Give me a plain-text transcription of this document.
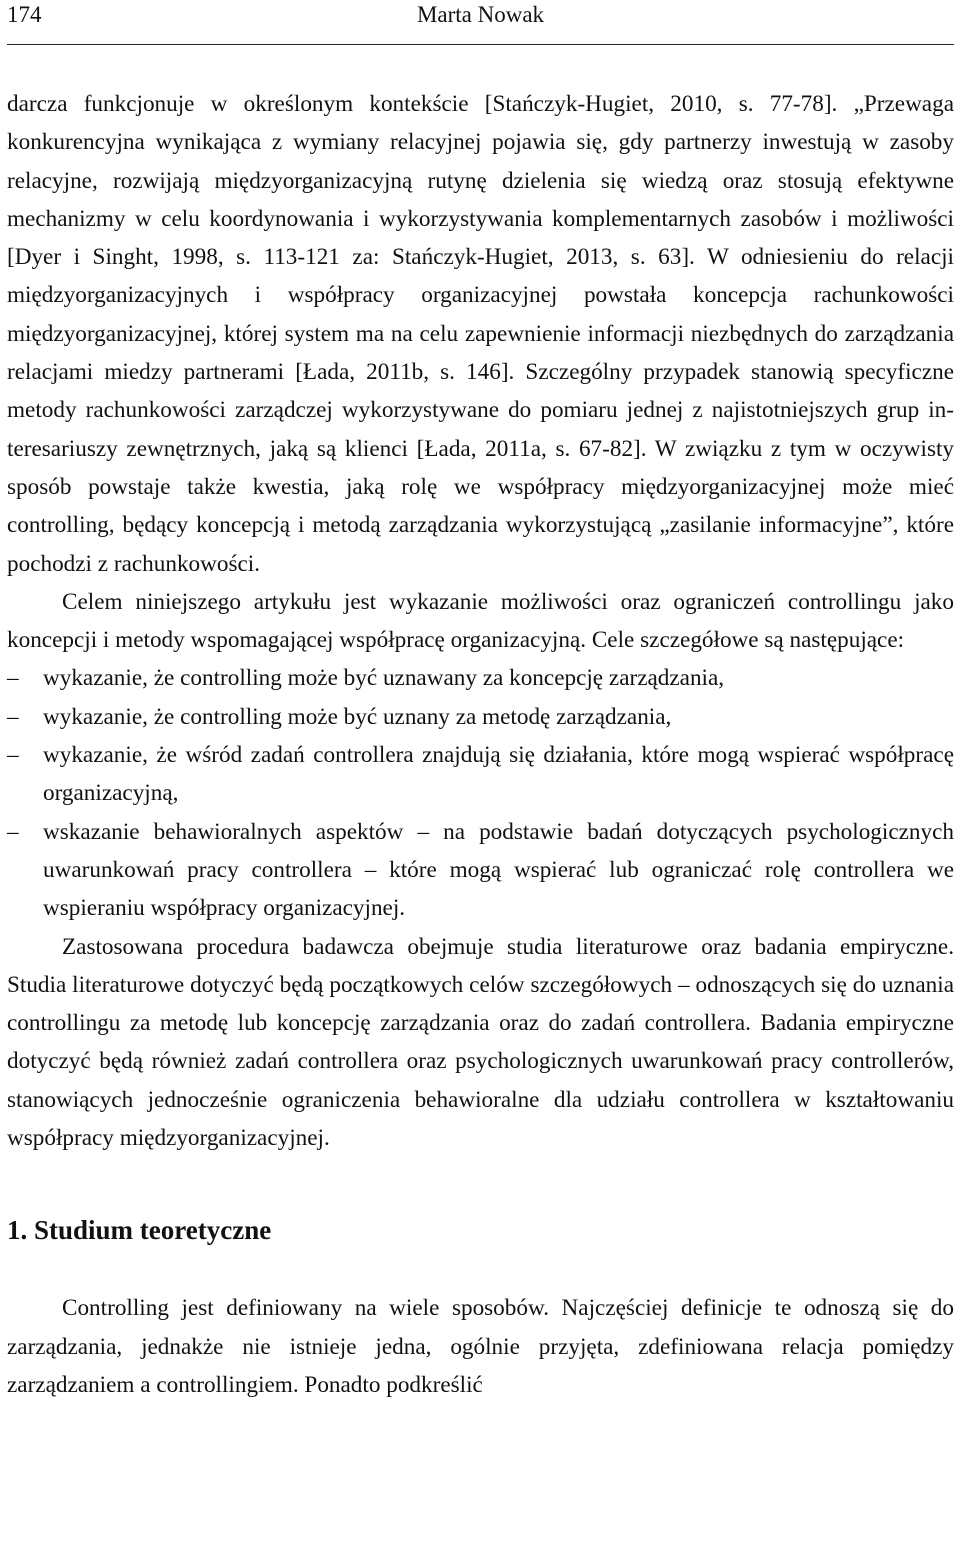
174	Marta Nowak

darcza funkcjonuje w określonym kontekście [Stańczyk-Hugiet, 2010, s. 77-78]. „Przewaga konkurencyjna wynikająca z wymiany relacyjnej pojawia się, gdy partnerzy inwestują w zasoby relacyjne, rozwijają międzyorganizacyjną rutynę dzielenia się wiedzą oraz stosują efektywne mechanizmy w celu koordynowania i wykorzystywania komplementarnych zasobów i możliwości [Dyer i Singht, 1998, s. 113-121 za: Stańczyk-Hugiet, 2013, s. 63]. W odniesieniu do relacji międzyorganizacyjnych i współpracy organizacyjnej powstała koncepcja rachunkowości międzyorganizacyjnej, której system ma na celu zapewnienie informacji niezbędnych do zarządzania relacjami miedzy partnerami [Łada, 2011b, s. 146]. Szczególny przypadek stanowią specyficzne metody rachunkowości zarządczej wykorzystywane do pomiaru jednej z najistotniejszych grup interesariuszy zewnętrznych, jaką są klienci [Łada, 2011a, s. 67-82]. W związku z tym w oczywisty sposób powstaje także kwestia, jaką rolę we współpracy międzyorganizacyjnej może mieć controlling, będący koncepcją i metodą zarządzania wykorzystującą „zasilanie informacyjne”, które pochodzi z rachunkowości.

Celem niniejszego artykułu jest wykazanie możliwości oraz ograniczeń controllingu jako koncepcji i metody wspomagającej współpracę organizacyjną. Cele szczegółowe są następujące:

– wykazanie, że controlling może być uznawany za koncepcję zarządzania,
– wykazanie, że controlling może być uznany za metodę zarządzania,
– wykazanie, że wśród zadań controllera znajdują się działania, które mogą wspierać współpracę organizacyjną,
– wskazanie behawioralnych aspektów – na podstawie badań dotyczących psychologicznych uwarunkowań pracy controllera – które mogą wspierać lub ograniczać rolę controllera we wspieraniu współpracy organizacyjnej.

Zastosowana procedura badawcza obejmuje studia literaturowe oraz badania empiryczne. Studia literaturowe dotyczyć będą początkowych celów szczegółowych – odnoszących się do uznania controllingu za metodę lub koncepcję zarządzania oraz do zadań controllera. Badania empiryczne dotyczyć będą również zadań controllera oraz psychologicznych uwarunkowań pracy controllerów, stanowiących jednocześnie ograniczenia behawioralne dla udziału controllera w kształtowaniu współpracy międzyorganizacyjnej.

1. Studium teoretyczne

Controlling jest definiowany na wiele sposobów. Najczęściej definicje te odnoszą się do zarządzania, jednakże nie istnieje jedna, ogólnie przyjęta, zdefiniowana relacja pomiędzy zarządzaniem a controllingiem. Ponadto podkreślić
